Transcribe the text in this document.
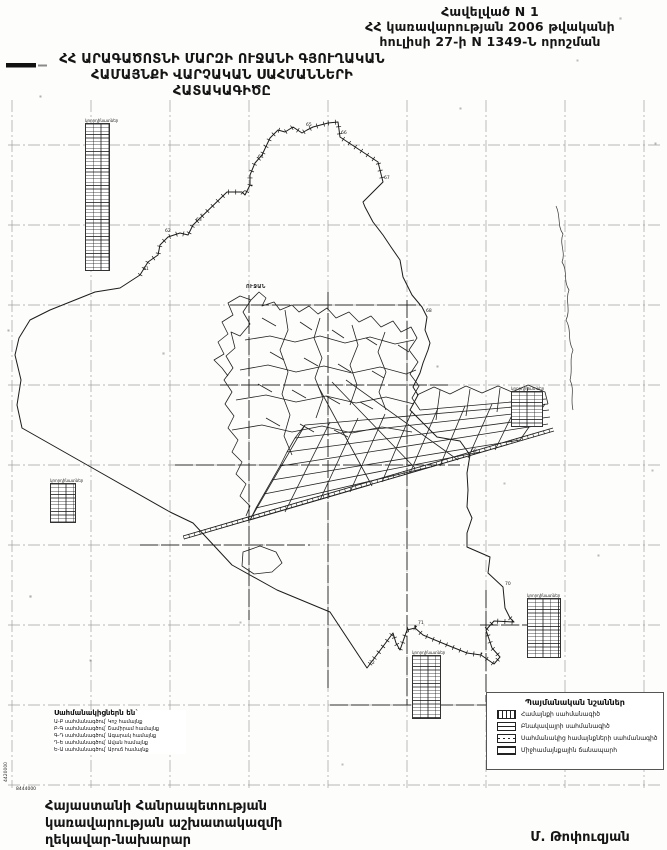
61
62
63
64
65
66
67
68
69
70
71
72
4420000
8444000
Հավելված N 1
ՀՀ կառավարության 2006 թվականի
հուլիսի 27-ի N 1349-Ն որոշման
ՀՀ ԱՐԱԳԱԾՈՏՆԻ ՄԱՐԶԻ ՈՒՋԱՆԻ ԳՅՈՒՂԱԿԱՆ
ՀԱՄԱՅՆՔԻ ՎԱՐՉԱԿԱՆ ՍԱՀՄԱՆՆԵՐԻ
ՀԱՏԱԿԱԳԻԾԸ
ՈՒՋԱՆ
կոորդինատներ
կոորդինատներ
կոորդինատներ
կոորդինատներ
կոորդինատներ
Սահմանակիցներն են`
Ա-Բ սահմանագծով՝ Կոշ համայնք
Բ-Գ սահմանագծով՝ Շամիրամ համայնք
Գ-Դ սահմանագծով՝ Ագարակ համայնք
Դ-Ե սահմանագծով՝ Ավան համայնք
Ե-Ա սահմանագծով՝ Արուճ համայնք
Պայմանական նշաններ
Համայնքի սահմանագիծ
Բնակավայրի սահմանագիծ
Սահմանակից համայնքների սահմանագիծ
Միջհամայնքային ճանապարհ
Հայաստանի Հանրապետության
կառավարության աշխատակազմի
ղեկավար-նախարար	Մ. Թոփուզյան
